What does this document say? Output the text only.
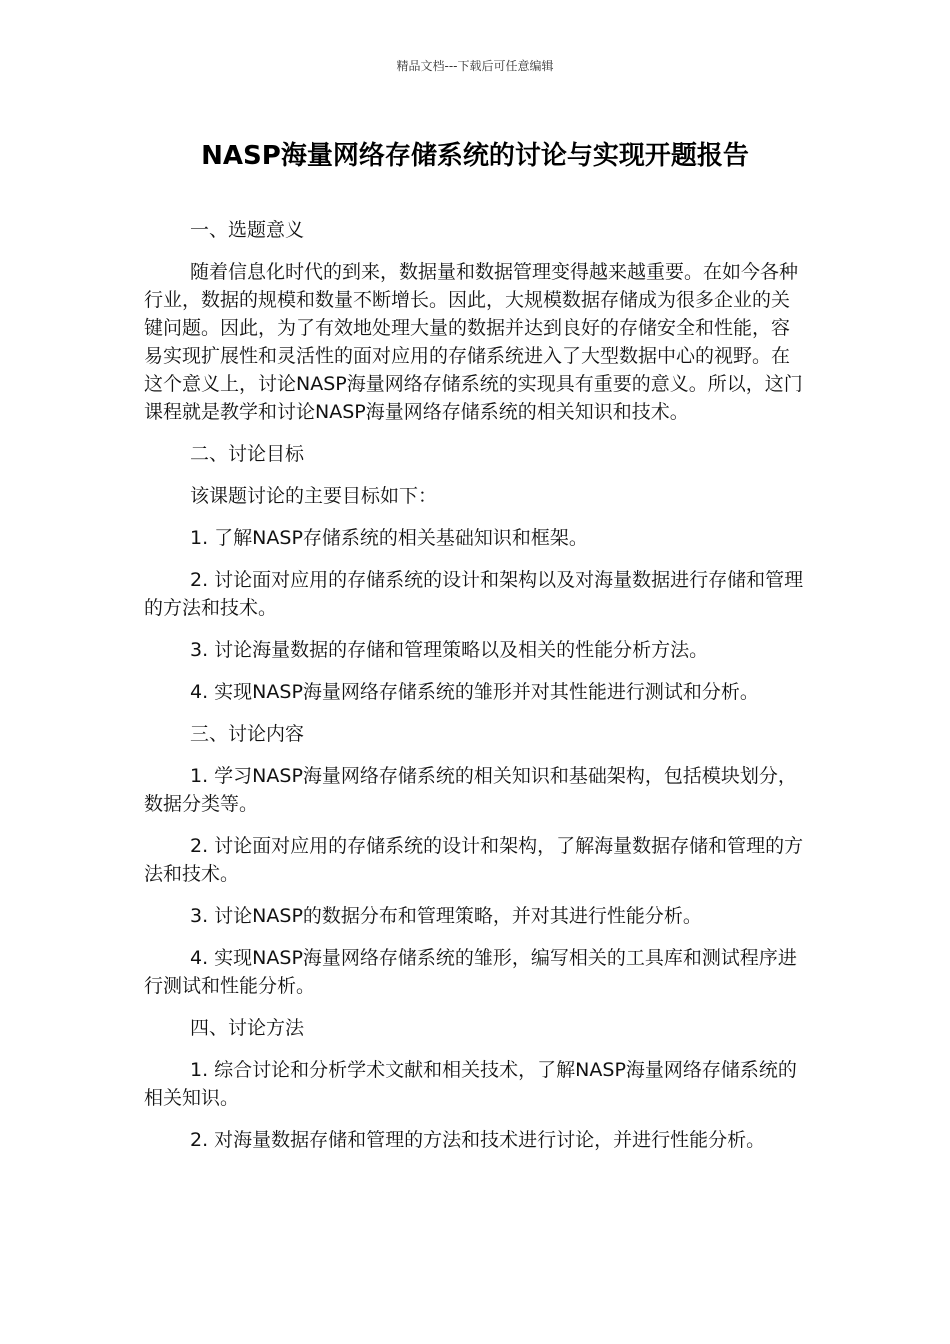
精品文档---下载后可任意编辑
NASP海量网络存储系统的讨论与实现开题报告

一、选题意义

随着信息化时代的到来，数据量和数据管理变得越来越重要。在如今各种行业，数据的规模和数量不断增长。因此，大规模数据存储成为很多企业的关键问题。因此，为了有效地处理大量的数据并达到良好的存储安全和性能，容易实现扩展性和灵活性的面对应用的存储系统进入了大型数据中心的视野。在这个意义上，讨论NASP海量网络存储系统的实现具有重要的意义。所以，这门课程就是教学和讨论NASP海量网络存储系统的相关知识和技术。

二、讨论目标

该课题讨论的主要目标如下：

1. 了解NASP存储系统的相关基础知识和框架。

2. 讨论面对应用的存储系统的设计和架构以及对海量数据进行存储和管理的方法和技术。

3. 讨论海量数据的存储和管理策略以及相关的性能分析方法。

4. 实现NASP海量网络存储系统的雏形并对其性能进行测试和分析。

三、讨论内容

1. 学习NASP海量网络存储系统的相关知识和基础架构，包括模块划分，数据分类等。

2. 讨论面对应用的存储系统的设计和架构，了解海量数据存储和管理的方法和技术。

3. 讨论NASP的数据分布和管理策略，并对其进行性能分析。

4. 实现NASP海量网络存储系统的雏形，编写相关的工具库和测试程序进行测试和性能分析。

四、讨论方法

1. 综合讨论和分析学术文献和相关技术，了解NASP海量网络存储系统的相关知识。

2. 对海量数据存储和管理的方法和技术进行讨论，并进行性能分析。
